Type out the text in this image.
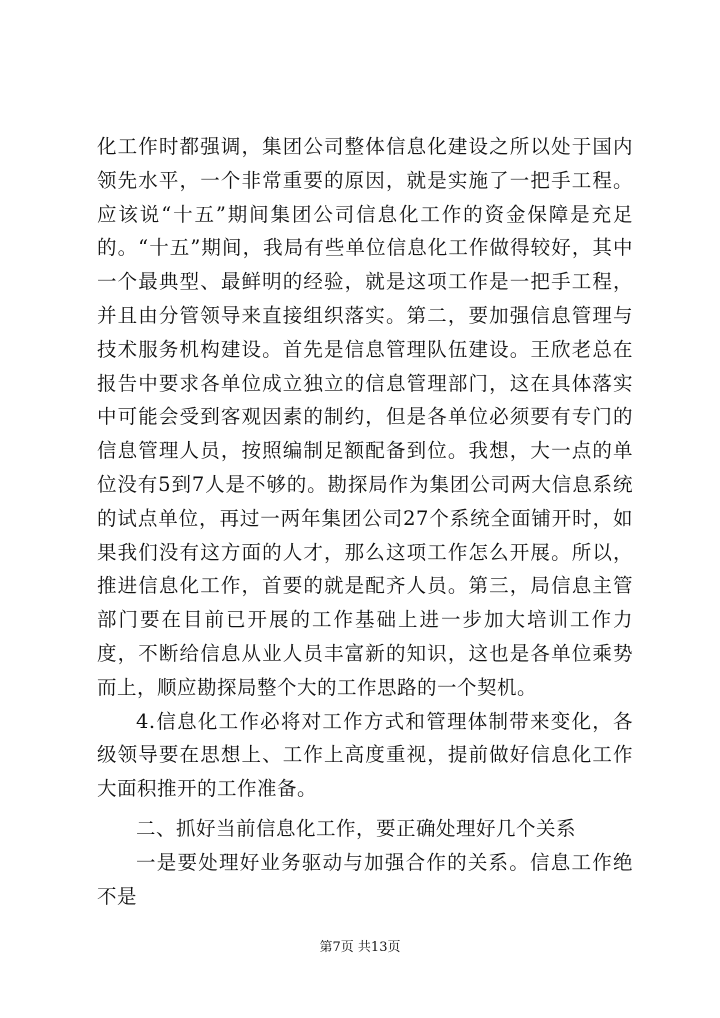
化工作时都强调，集团公司整体信息化建设之所以处于国内领先水平，一个非常重要的原因，就是实施了一把手工程。应该说“十五”期间集团公司信息化工作的资金保障是充足的。“十五”期间，我局有些单位信息化工作做得较好，其中一个最典型、最鲜明的经验，就是这项工作是一把手工程，并且由分管领导来直接组织落实。第二，要加强信息管理与技术服务机构建设。首先是信息管理队伍建设。王欣老总在报告中要求各单位成立独立的信息管理部门，这在具体落实中可能会受到客观因素的制约，但是各单位必须要有专门的信息管理人员，按照编制足额配备到位。我想，大一点的单位没有5到7人是不够的。勘探局作为集团公司两大信息系统的试点单位，再过一两年集团公司27个系统全面铺开时，如果我们没有这方面的人才，那么这项工作怎么开展。所以，推进信息化工作，首要的就是配齐人员。第三，局信息主管部门要在目前已开展的工作基础上进一步加大培训工作力度，不断给信息从业人员丰富新的知识，这也是各单位乘势而上，顺应勘探局整个大的工作思路的一个契机。

4.信息化工作必将对工作方式和管理体制带来变化，各级领导要在思想上、工作上高度重视，提前做好信息化工作大面积推开的工作准备。

二、抓好当前信息化工作，要正确处理好几个关系

一是要处理好业务驱动与加强合作的关系。信息工作绝不是

第7页 共13页
